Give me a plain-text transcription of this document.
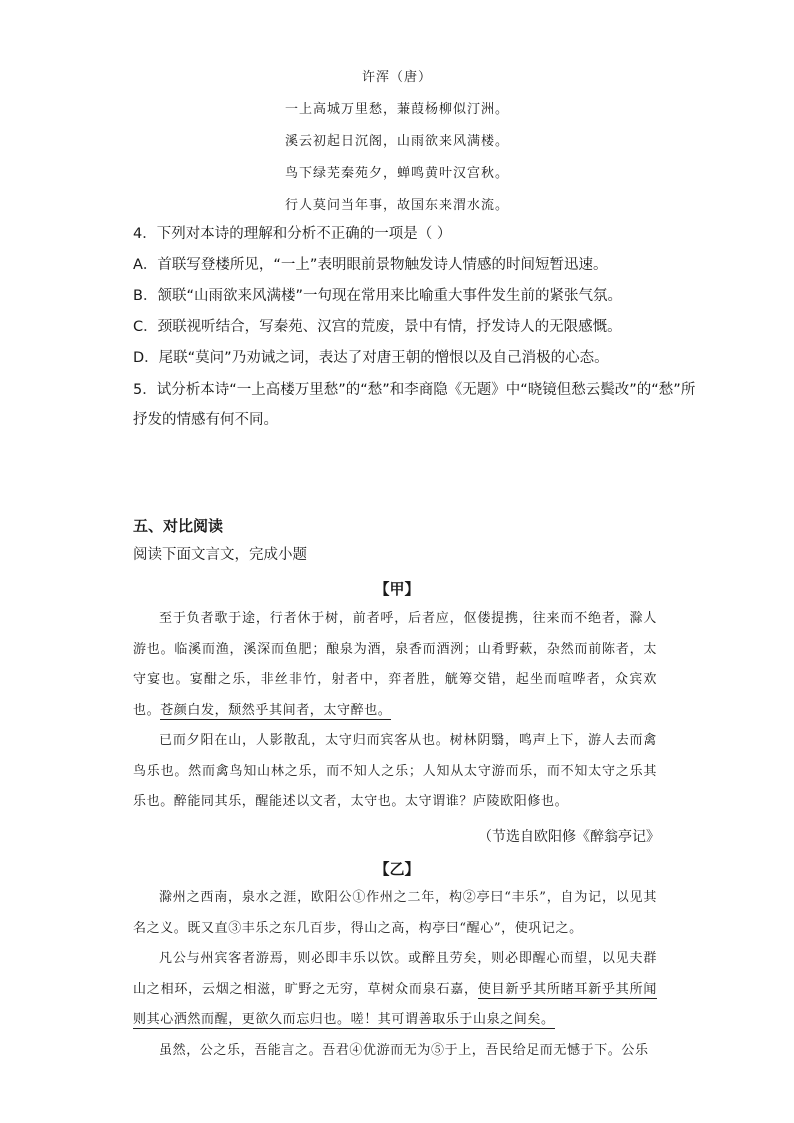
许浑（唐）
一上高城万里愁，蒹葭杨柳似汀洲。
溪云初起日沉阁，山雨欲来风满楼。
鸟下绿芜秦苑夕，蝉鸣黄叶汉宫秋。
行人莫问当年事，故国东来渭水流。
4．下列对本诗的理解和分析不正确的一项是（ ）
A．首联写登楼所见，“一上”表明眼前景物触发诗人情感的时间短暂迅速。
B．颔联“山雨欲来风满楼”一句现在常用来比喻重大事件发生前的紧张气氛。
C．颈联视听结合，写秦苑、汉宫的荒废，景中有情，抒发诗人的无限感慨。
D．尾联“莫问”乃劝诫之词，表达了对唐王朝的憎恨以及自己消极的心态。
5．试分析本诗“一上高楼万里愁”的“愁”和李商隐《无题》中“晓镜但愁云鬓改”的“愁”所
抒发的情感有何不同。
五、对比阅读
阅读下面文言文，完成小题
【甲】

至于负者歌于途，行者休于树，前者呼，后者应，伛偻提携，往来而不绝者，滁人游也。临溪而渔，溪深而鱼肥；酿泉为酒，泉香而酒洌；山肴野蔌，杂然而前陈者，太守宴也。宴酣之乐，非丝非竹，射者中，弈者胜，觥筹交错，起坐而喧哗者，众宾欢也。苍颜白发，颓然乎其间者，太守醉也。

已而夕阳在山，人影散乱，太守归而宾客从也。树林阴翳，鸣声上下，游人去而禽鸟乐也。然而禽鸟知山林之乐，而不知人之乐；人知从太守游而乐，而不知太守之乐其乐也。醉能同其乐，醒能述以文者，太守也。太守谓谁？庐陵欧阳修也。

（节选自欧阳修《醉翁亭记》
【乙】

滁州之西南，泉水之涯，欧阳公①作州之二年，构②亭曰“丰乐”，自为记，以见其名之义。既又直③丰乐之东几百步，得山之高，构亭曰“醒心”，使巩记之。

凡公与州宾客者游焉，则必即丰乐以饮。或醉且劳矣，则必即醒心而望，以见夫群山之相环，云烟之相滋，旷野之无穷，草树众而泉石嘉，使目新乎其所睹耳新乎其所闻则其心洒然而醒，更欲久而忘归也。嗟！其可谓善取乐于山泉之间矣。

虽然，公之乐，吾能言之。吾君④优游而无为⑤于上，吾民给足而无憾于下。公乐
